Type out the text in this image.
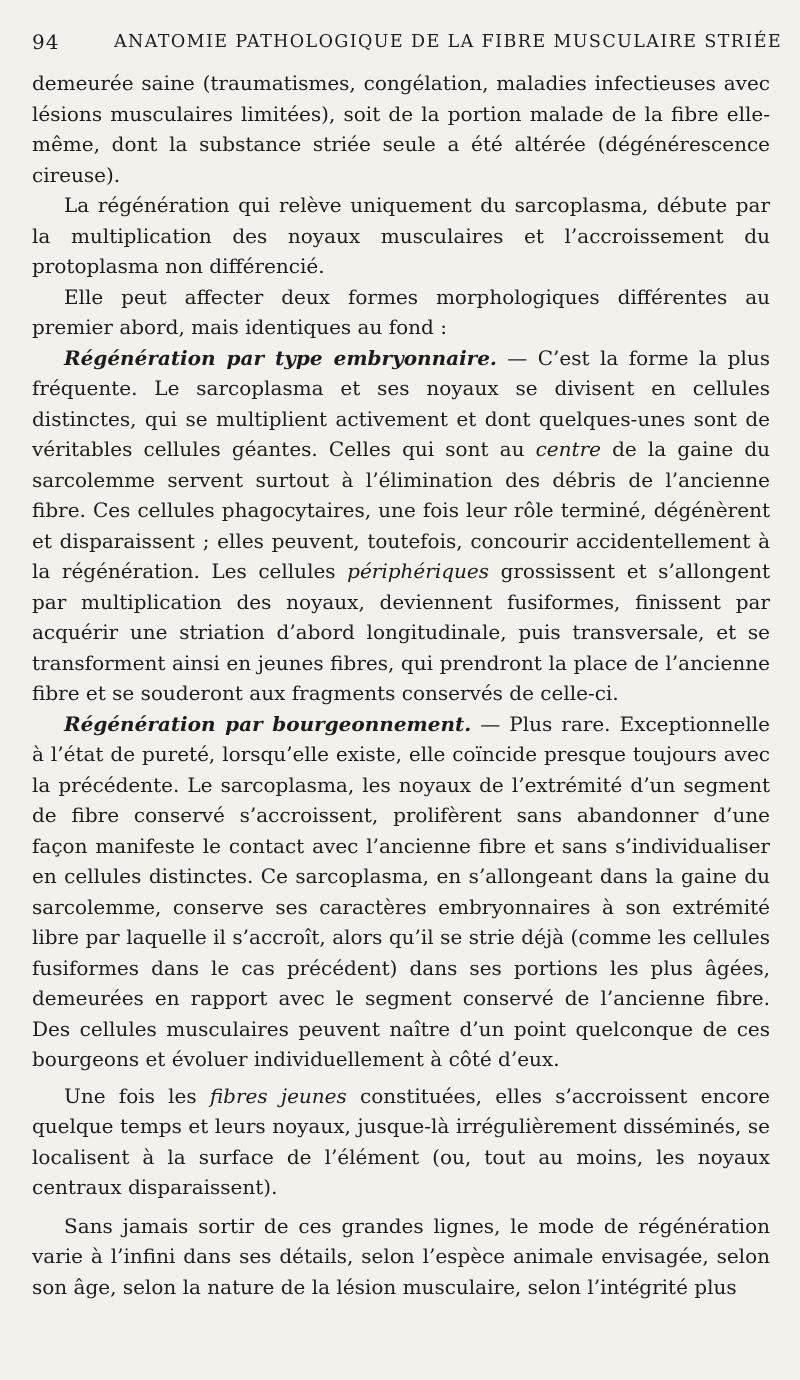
94	ANATOMIE PATHOLOGIQUE DE LA FIBRE MUSCULAIRE STRIÉE

demeurée saine (traumatismes, congélation, maladies infectieuses avec lésions musculaires limitées), soit de la portion malade de la fibre elle-même, dont la substance striée seule a été altérée (dégénérescence cireuse).

La régénération qui relève uniquement du sarcoplasma, débute par la multiplication des noyaux musculaires et l’accroissement du protoplasma non différencié.

Elle peut affecter deux formes morphologiques différentes au premier abord, mais identiques au fond :

Régénération par type embryonnaire. — C’est la forme la plus fréquente. Le sarcoplasma et ses noyaux se divisent en cellules distinctes, qui se multiplient activement et dont quelques-unes sont de véritables cellules géantes. Celles qui sont au centre de la gaine du sarcolemme servent surtout à l’élimination des débris de l’ancienne fibre. Ces cellules phagocytaires, une fois leur rôle terminé, dégénèrent et disparaissent ; elles peuvent, toutefois, concourir accidentellement à la régénération. Les cellules périphériques grossissent et s’allongent par multiplication des noyaux, deviennent fusiformes, finissent par acquérir une striation d’abord longitudinale, puis transversale, et se transforment ainsi en jeunes fibres, qui prendront la place de l’ancienne fibre et se souderont aux fragments conservés de celle-ci.

Régénération par bourgeonnement. — Plus rare. Exceptionnelle à l’état de pureté, lorsqu’elle existe, elle coïncide presque toujours avec la précédente. Le sarcoplasma, les noyaux de l’extrémité d’un segment de fibre conservé s’accroissent, prolifèrent sans abandonner d’une façon manifeste le contact avec l’ancienne fibre et sans s’individualiser en cellules distinctes. Ce sarcoplasma, en s’allongeant dans la gaine du sarcolemme, conserve ses caractères embryonnaires à son extrémité libre par laquelle il s’accroît, alors qu’il se strie déjà (comme les cellules fusiformes dans le cas précédent) dans ses portions les plus âgées, demeurées en rapport avec le segment conservé de l’ancienne fibre. Des cellules musculaires peuvent naître d’un point quelconque de ces bourgeons et évoluer individuellement à côté d’eux.

Une fois les fibres jeunes constituées, elles s’accroissent encore quelque temps et leurs noyaux, jusque-là irrégulièrement disséminés, se localisent à la surface de l’élément (ou, tout au moins, les noyaux centraux disparaissent).

Sans jamais sortir de ces grandes lignes, le mode de régénération varie à l’infini dans ses détails, selon l’espèce animale envisagée, selon son âge, selon la nature de la lésion musculaire, selon l’intégrité plus
